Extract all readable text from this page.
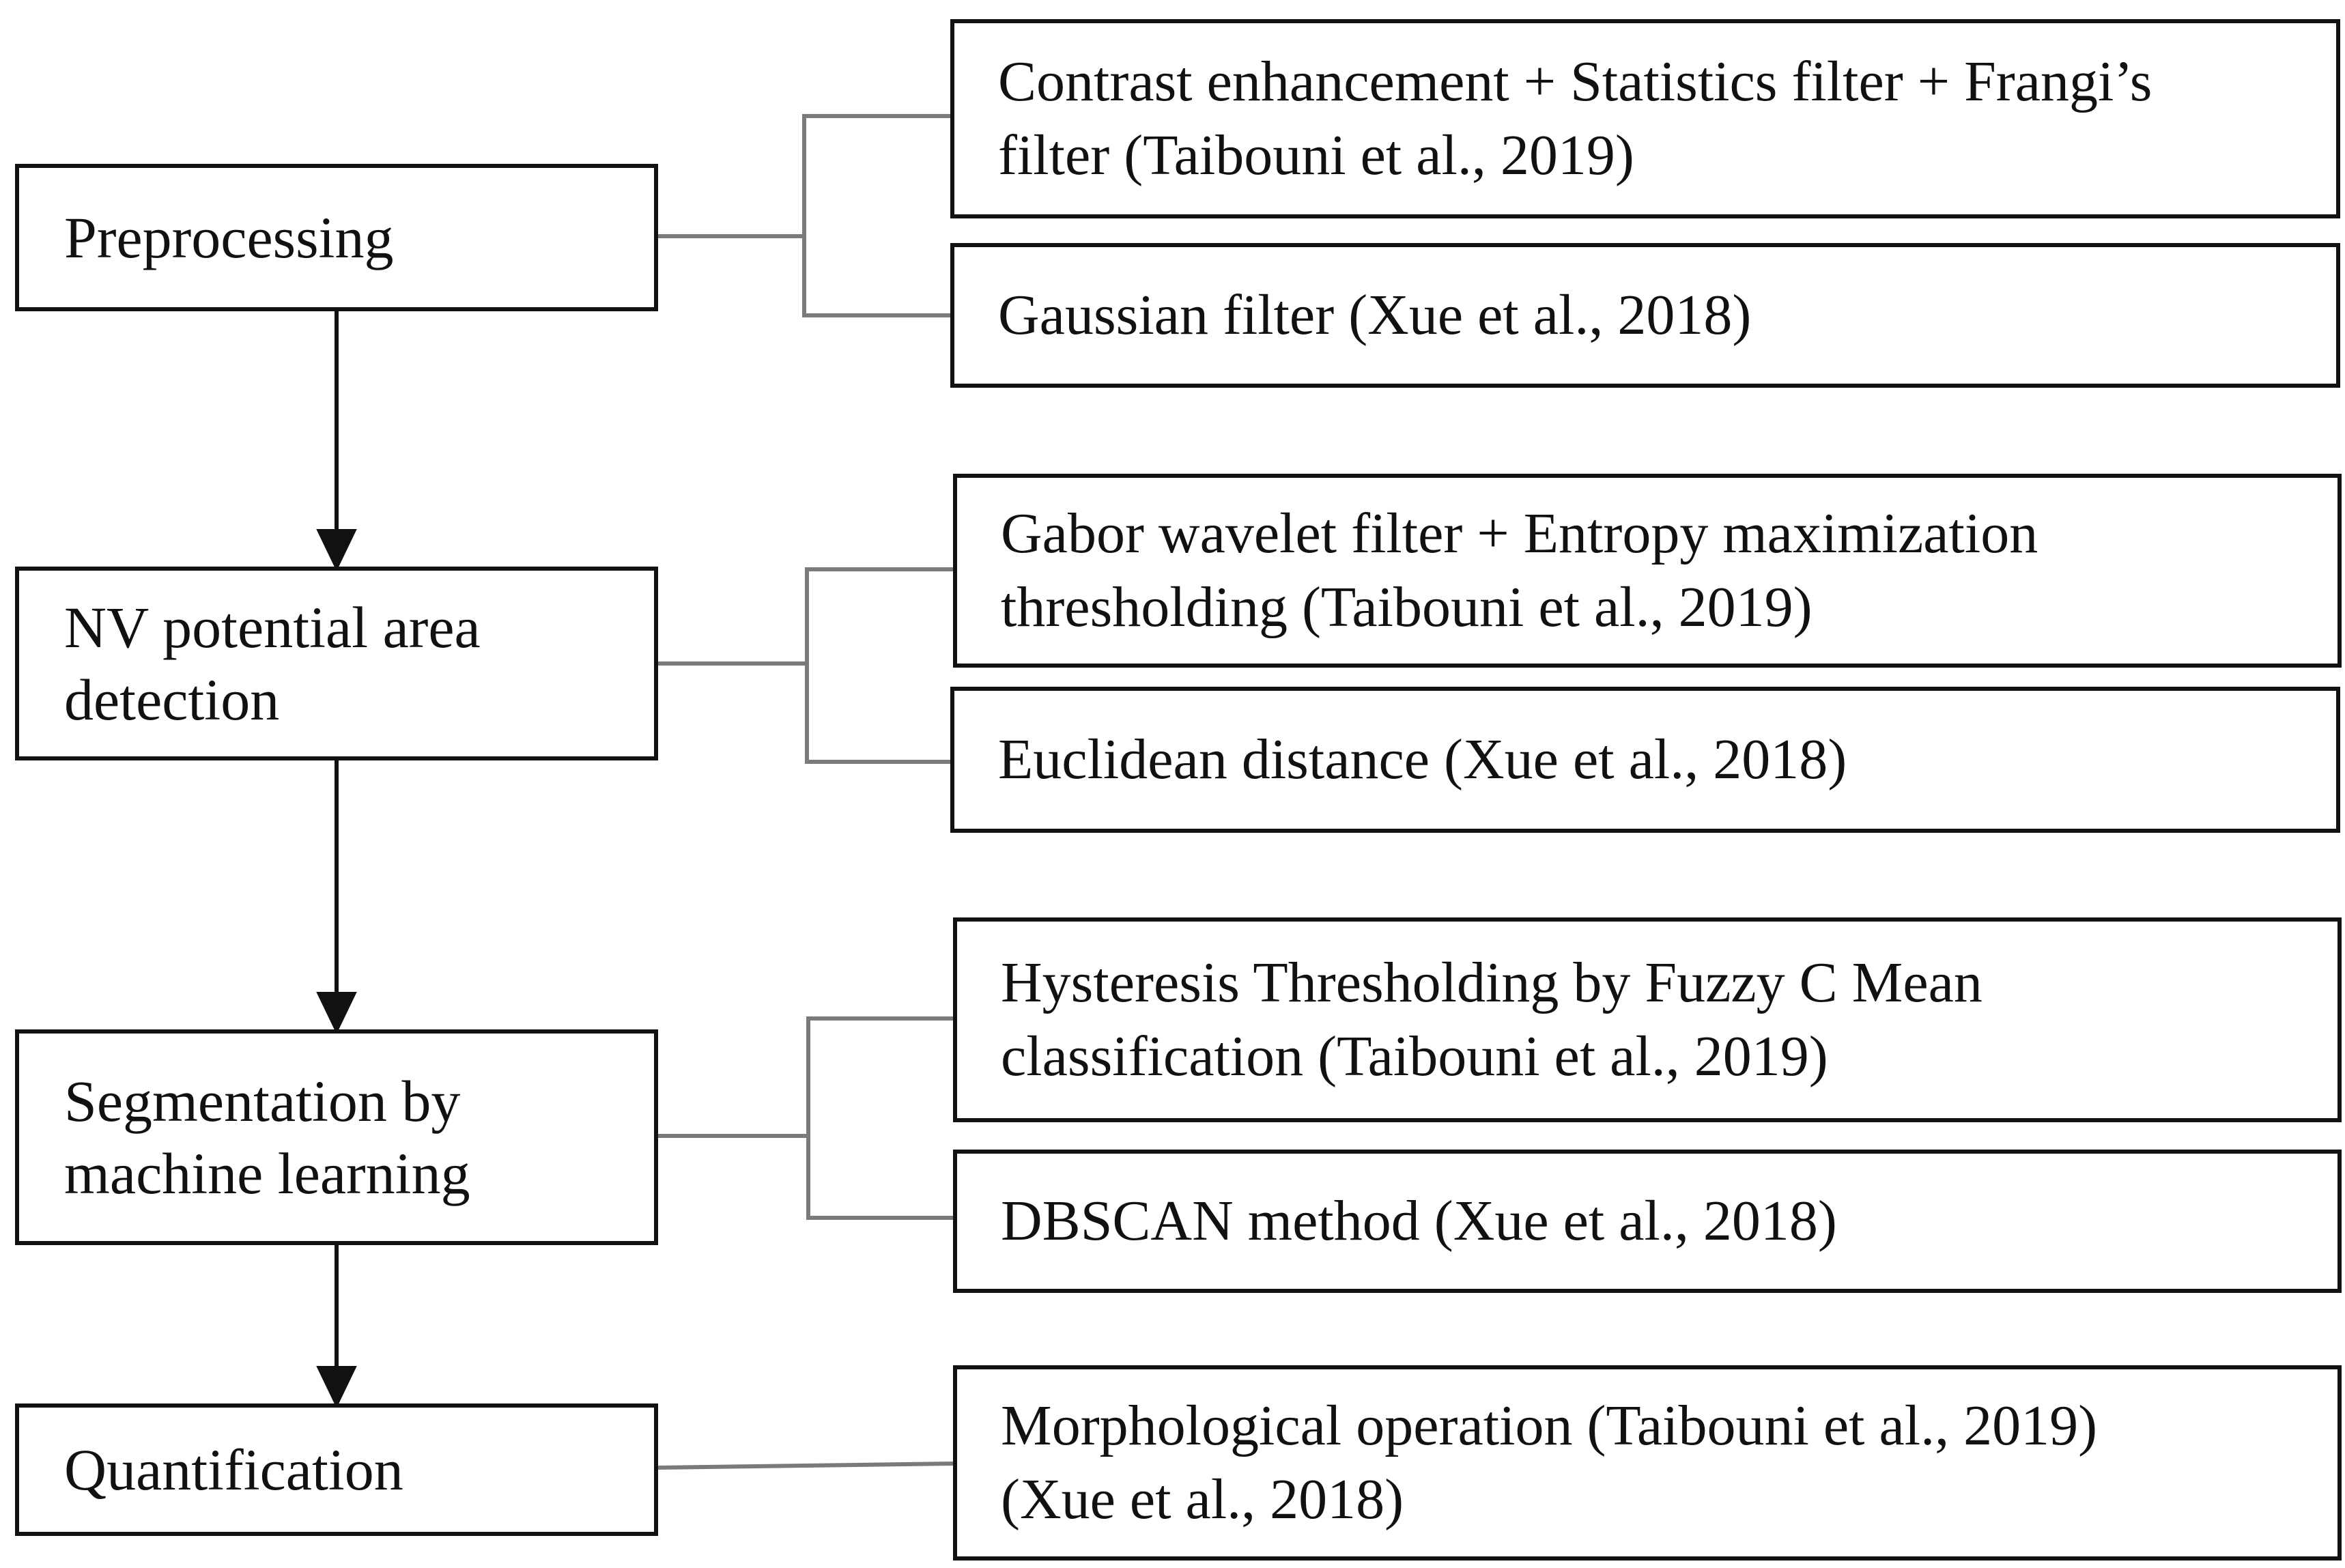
Preprocessing
NV potential area
detection
Segmentation by
machine learning
Quantification
Contrast enhancement + Statistics filter + Frangi’s
filter (Taibouni et al., 2019)
Gaussian filter (Xue et al., 2018)
Gabor wavelet filter + Entropy maximization
thresholding (Taibouni et al., 2019)
Euclidean distance (Xue et al., 2018)
Hysteresis Thresholding by Fuzzy C Mean
classification (Taibouni et al., 2019)
DBSCAN method (Xue et al., 2018)
Morphological operation (Taibouni et al., 2019)
(Xue et al., 2018)
